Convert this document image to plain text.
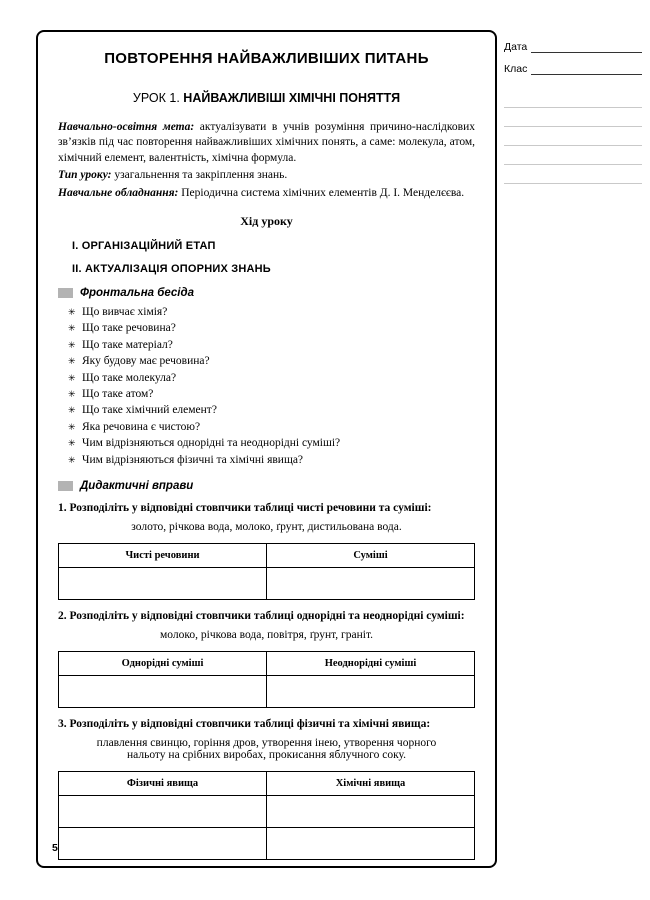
Дата
Клас
ПОВТОРЕННЯ НАЙВАЖЛИВІШИХ ПИТАНЬ
УРОК 1. НАЙВАЖЛИВІШІ ХІМІЧНІ ПОНЯТТЯ

Навчально-освітня мета: актуалізувати в учнів розуміння причино-наслідкових зв’язків під час повторення найважливіших хімічних понять, а саме: молекула, атом, хімічний елемент, валентність, хімічна формула.

Тип уроку: узагальнення та закріплення знань.

Навчальне обладнання: Періодична система хімічних елементів Д. І. Менделєєва.

Хід уроку
І. ОРГАНІЗАЦІЙНИЙ ЕТАП
ІІ. АКТУАЛІЗАЦІЯ ОПОРНИХ ЗНАНЬ
Фронтальна бесіда
✳ Що вивчає хімія?
✳ Що таке речовина?
✳ Що таке матеріал?
✳ Яку будову має речовина?
✳ Що таке молекула?
✳ Що таке атом?
✳ Що таке хімічний елемент?
✳ Яка речовина є чистою?
✳ Чим відрізняються однорідні та неоднорідні суміші?
✳ Чим відрізняються фізичні та хімічні явища?
Дидактичні вправи

1. Розподіліть у відповідні стовпчики таблиці чисті речовини та суміші:

золото, річкова вода, молоко, ґрунт, дистильована вода.

Чисті речовини	Суміші

2. Розподіліть у відповідні стовпчики таблиці однорідні та неоднорідні суміші:

молоко, річкова вода, повітря, ґрунт, граніт.

Однорідні суміші	Неоднорідні суміші

3. Розподіліть у відповідні стовпчики таблиці фізичні та хімічні явища:

плавлення свинцю, горіння дров, утворення інею, утворення чорного нальоту на срібних виробах, прокисання яблучного соку.

Фізичні явища	Хімічні явища

5
